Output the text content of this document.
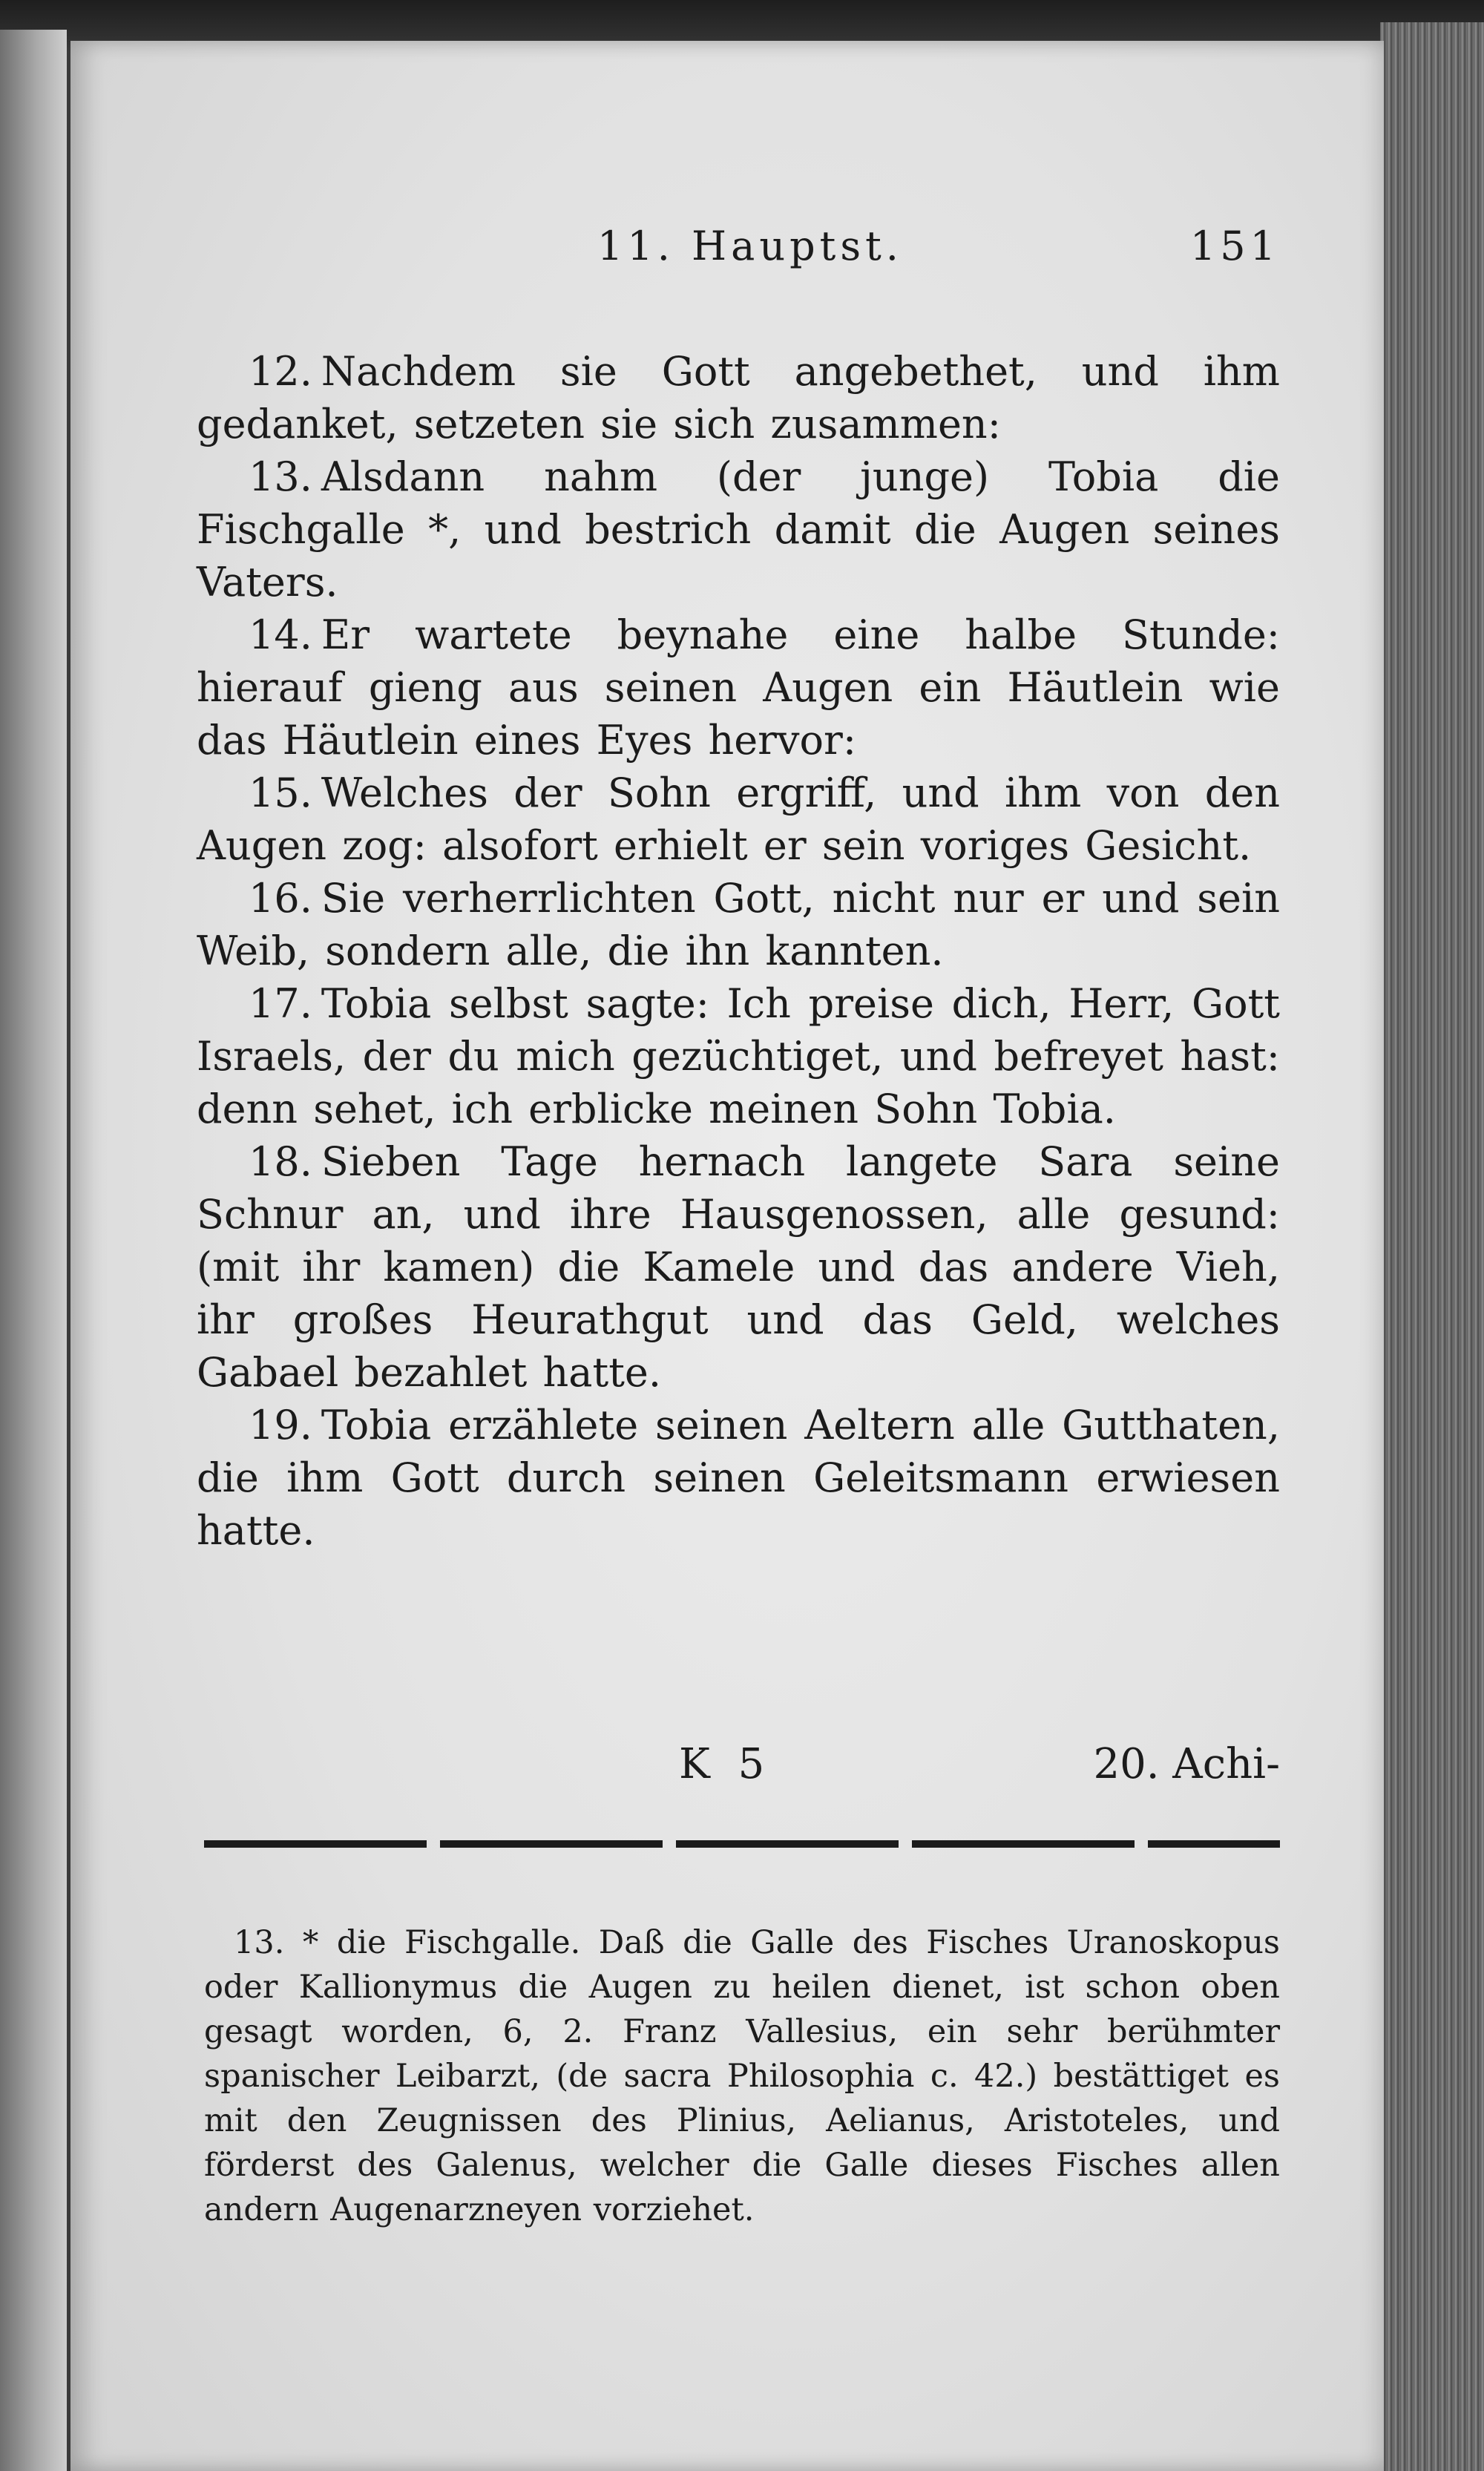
11. Hauptst.	151

12. Nachdem sie Gott angebethet, und ihm gedanket, setzeten sie sich zusammen:

13. Alsdann nahm (der junge) Tobia die Fischgalle *, und bestrich damit die Augen seines Vaters.

14. Er wartete beynahe eine halbe Stunde: hierauf gieng aus seinen Augen ein Häutlein wie das Häutlein eines Eyes hervor:

15. Welches der Sohn ergriff, und ihm von den Augen zog: alsofort erhielt er sein voriges Gesicht.

16. Sie verherrlichten Gott, nicht nur er und sein Weib, sondern alle, die ihn kannten.

17. Tobia selbst sagte: Ich preise dich, Herr, Gott Israels, der du mich gezüchtiget, und befreyet hast: denn sehet, ich erblicke meinen Sohn Tobia.

18. Sieben Tage hernach langete Sara seine Schnur an, und ihre Hausgenossen, alle gesund: (mit ihr kamen) die Kamele und das andere Vieh, ihr großes Heurathgut und das Geld, welches Gabael bezahlet hatte.

19. Tobia erzählete seinen Aeltern alle Gutthaten, die ihm Gott durch seinen Geleitsmann erwiesen hatte.

K 5	20. Achi-

13. * die Fischgalle. Daß die Galle des Fisches Uranoskopus oder Kallionymus die Augen zu heilen dienet, ist schon oben gesagt worden, 6, 2. Franz Vallesius, ein sehr berühmter spanischer Leibarzt, (de sacra Philosophia c. 42.) bestättiget es mit den Zeugnissen des Plinius, Aelianus, Aristoteles, und förderst des Galenus, welcher die Galle dieses Fisches allen andern Augenarzneyen vorziehet.
